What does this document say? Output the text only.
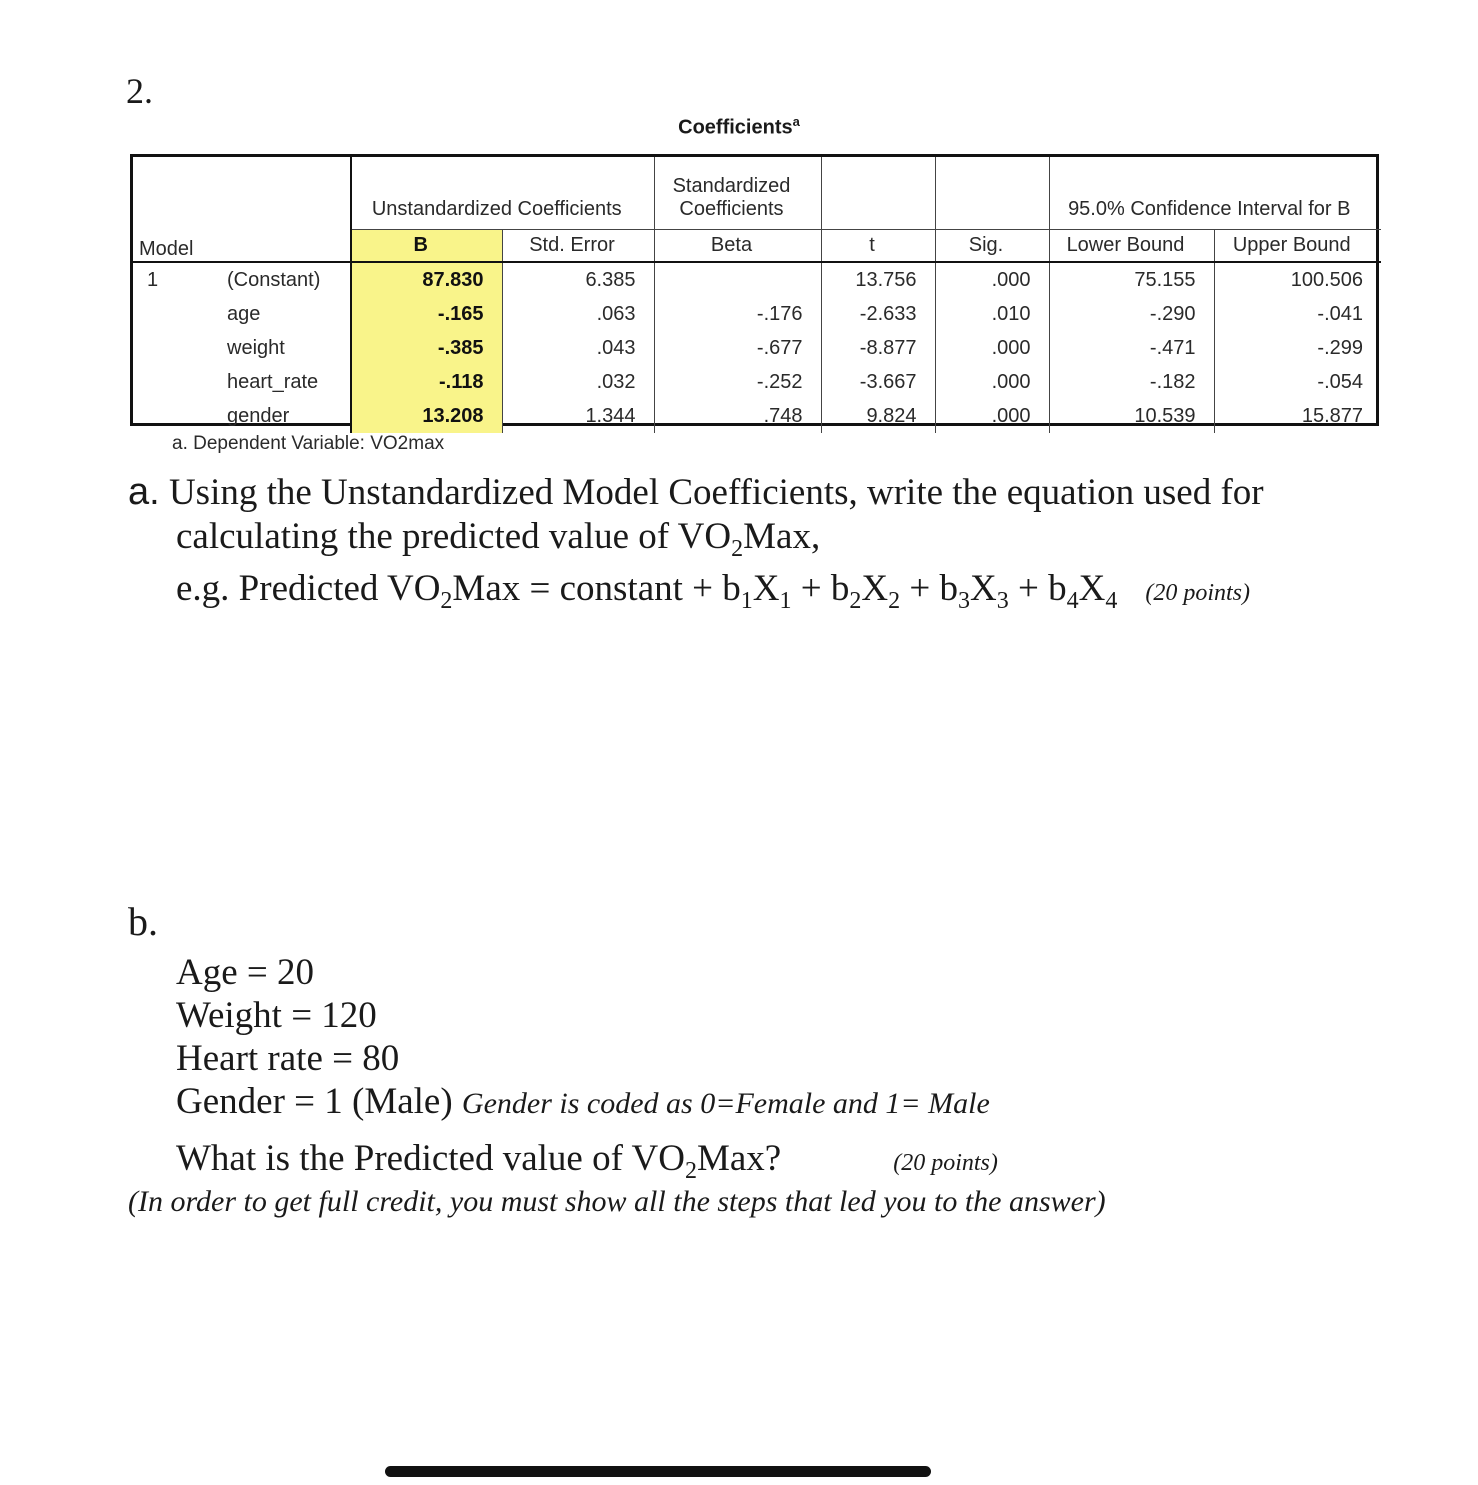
2.
Coefficients$^a$
		Unstandardized Coefficients		Standardized
Coefficients			95.0% Confidence Interval for B	
Model		B	Std. Error	Beta	t	Sig.	Lower Bound	Upper Bound
1	(Constant)	87.830	6.385		13.756	.000	75.155	100.506
	age	-.165	.063	-.176	-2.633	.010	-.290	-.041
	weight	-.385	.043	-.677	-8.877	.000	-.471	-.299
	heart_rate	-.118	.032	-.252	-3.667	.000	-.182	-.054
	gender	13.208	1.344	.748	9.824	.000	10.539	15.877
a. Dependent Variable: VO2max
a. Using the Unstandardized Model Coefficients, write the equation used for
calculating the predicted value of $VO_2Max$,
e.g. Predicted $VO_2Max$ = constant + $b_1X_1 + b_2X_2 + b_3X_3 + b_4X_4$ (20 points)
b.
Age = 20
Weight = 120
Heart rate = 80
Gender = 1 (Male) Gender is coded as 0=Female and 1= Male
What is the Predicted value of $VO_2Max$?	(20 points)
(In order to get full credit, you must show all the steps that led you to the answer)
